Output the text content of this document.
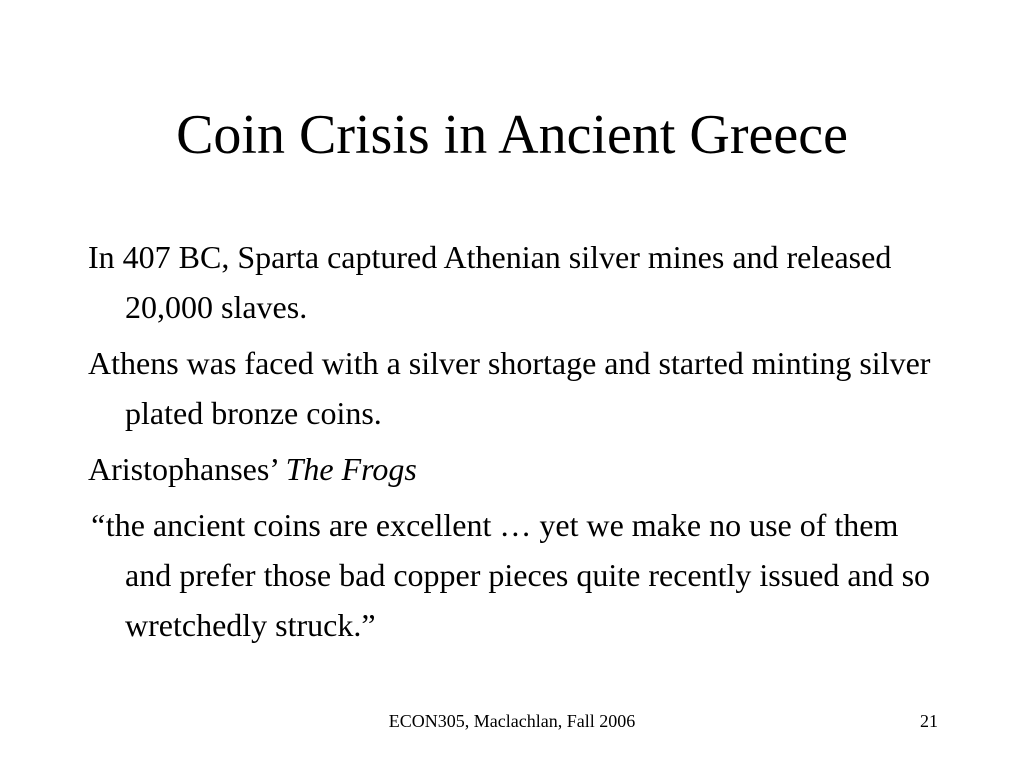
Coin Crisis in Ancient Greece

In 407 BC, Sparta captured Athenian silver mines and released 20,000 slaves.

Athens was faced with a silver shortage and started minting silver plated bronze coins.

Aristophanses’ The Frogs

“the ancient coins are excellent … yet we make no use of them and prefer those bad copper pieces quite recently issued and so wretchedly struck.”

ECON305, Maclachlan, Fall 2006	21
